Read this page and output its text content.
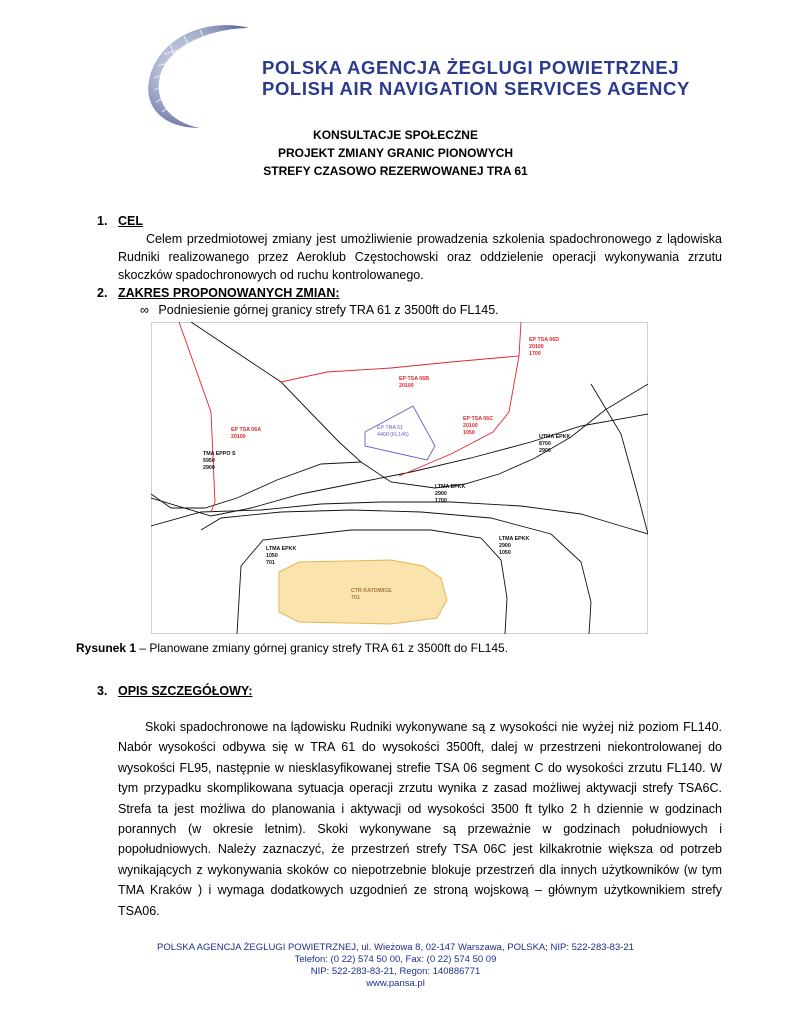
POLSKA AGENCJA ŻEGLUGI POWIETRZNEJ
POLISH AIR NAVIGATION SERVICES AGENCY
KONSULTACJE SPOŁECZNE
PROJEKT ZMIANY GRANIC PIONOWYCH
STREFY CZASOWO REZERWOWANEJ TRA 61
1. CEL
Celem przedmiotowej zmiany jest umożliwienie prowadzenia szkolenia spadochronowego z lądowiska Rudniki realizowanego przez Aeroklub Częstochowski oraz oddzielenie operacji wykonywania zrzutu skoczków spadochronowych od ruchu kontrolowanego.
2. ZAKRES PROPONOWANYCH ZMIAN:
∞ Podniesienie górnej granicy strefy TRA 61 z 3500ft do FL145.
EP TSA 06D
20100
1700
EP TSA 06B
20100
EP TSA 06A
20100
EP TSA 06C
20100
1050
EP TRA 61
4400 (FL145)	UTMA EPKK
8700
2900
TMA EPPO S
5950
2900
LTMA EPKK
2900
1700
LTMA EPKK
1050
701
LTMA EPKK
2900
1050
CTR KATOWICE
701
Rysunek 1 – Planowane zmiany górnej granicy strefy TRA 61 z 3500ft do FL145.
3. OPIS SZCZEGÓŁOWY:
Skoki spadochronowe na lądowisku Rudniki wykonywane są z wysokości nie wyżej niż poziom FL140. Nabór wysokości odbywa się w TRA 61 do wysokości 3500ft, dalej w przestrzeni niekontrolowanej do wysokości FL95, następnie w niesklasyfikowanej strefie TSA 06 segment C do wysokości zrzutu FL140. W tym przypadku skomplikowana sytuacja operacji zrzutu wynika z zasad możliwej aktywacji strefy TSA6C. Strefa ta jest możliwa do planowania i aktywacji od wysokości 3500 ft tylko 2 h dziennie w godzinach porannych (w okresie letnim). Skoki wykonywane są przeważnie w godzinach południowych i popołudniowych. Należy zaznaczyć, że przestrzeń strefy TSA 06C jest kilkakrotnie większa od potrzeb wynikających z wykonywania skoków co niepotrzebnie blokuje przestrzeń dla innych użytkowników (w tym TMA Kraków ) i wymaga dodatkowych uzgodnień ze stroną wojskową – głównym użytkownikiem strefy TSA06.
POLSKA AGENCJA ŻEGLUGI POWIETRZNEJ, ul. Wieżowa 8, 02-147 Warszawa, POLSKA; NIP: 522-283-83-21
Telefon: (0 22) 574 50 00, Fax: (0 22) 574 50 09
NIP: 522-283-83-21, Regon: 140886771
www.pansa.pl
